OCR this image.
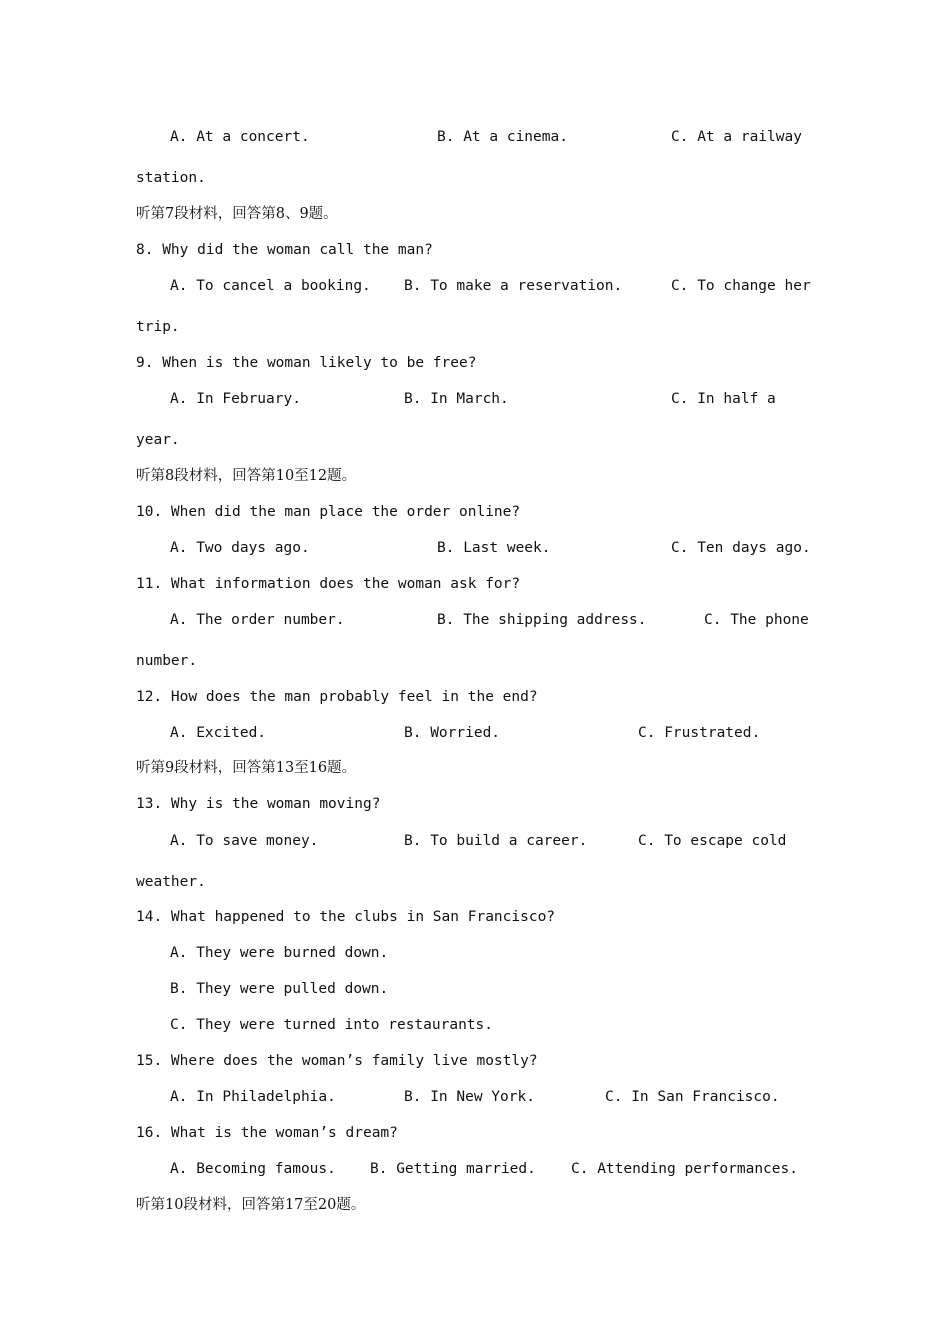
A. At a concert.	B. At a cinema.	C. At a railway
station.
听第7段材料，回答第8、9题。
8. Why did the woman call the man?
A. To cancel a booking. B. To make a reservation.	C. To change her
trip.
9. When is the woman likely to be free?
A. In February.	B. In March.	C. In half a
year.
听第8段材料，回答第10至12题。
10. When did the man place the order online?
A. Two days ago.	B. Last week.	C. Ten days ago.
11. What information does the woman ask for?
A. The order number.	B. The shipping address.	C. The phone
number.
12. How does the man probably feel in the end?
A. Excited.	B. Worried.	C. Frustrated.
听第9段材料，回答第13至16题。
13. Why is the woman moving?
A. To save money.	B. To build a career.	C. To escape cold
weather.
14. What happened to the clubs in San Francisco?
A. They were burned down.
B. They were pulled down.
C. They were turned into restaurants.
15. Where does the woman’s family live mostly?
A. In Philadelphia.	B. In New York.	C. In San Francisco.
16. What is the woman’s dream?
A. Becoming famous. B. Getting married. C. Attending performances.
听第10段材料，回答第17至20题。
